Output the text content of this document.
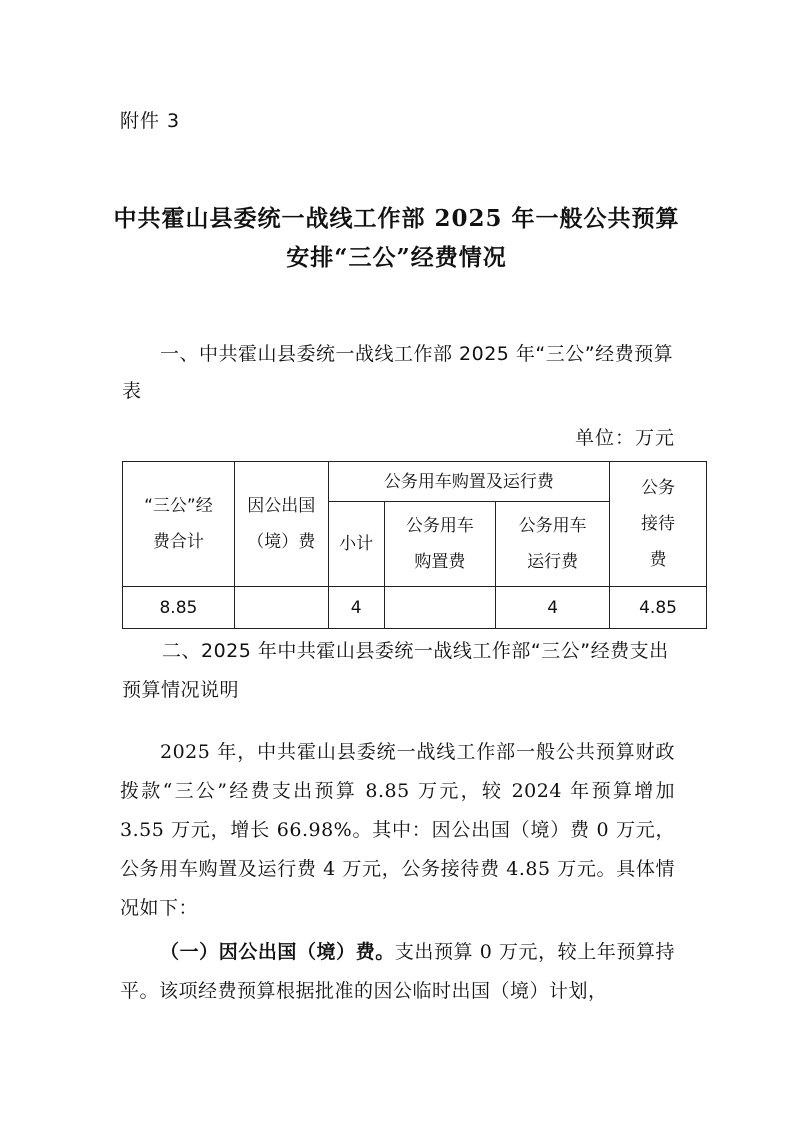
附件 3
中共霍山县委统一战线工作部 2025 年一般公共预算
安排“三公”经费情况
一、中共霍山县委统一战线工作部 2025 年“三公”经费预算表
单位：万元
“三公”经费合计	因公出国（境）费	公务用车购置及运行费			公务接待费

		小计	公务用车购置费	公务用车运行费	

8.85		4		4	4.85
二、2025 年中共霍山县委统一战线工作部“三公”经费支出预算情况说明
2025 年，中共霍山县委统一战线工作部一般公共预算财政拨款“三公”经费支出预算 8.85 万元，较 2024 年预算增加 3.55 万元，增长 66.98%。其中：因公出国（境）费 0 万元，公务用车购置及运行费 4 万元，公务接待费 4.85 万元。具体情况如下：
（一）因公出国（境）费。支出预算 0 万元，较上年预算持平。该项经费预算根据批准的因公临时出国（境）计划，
